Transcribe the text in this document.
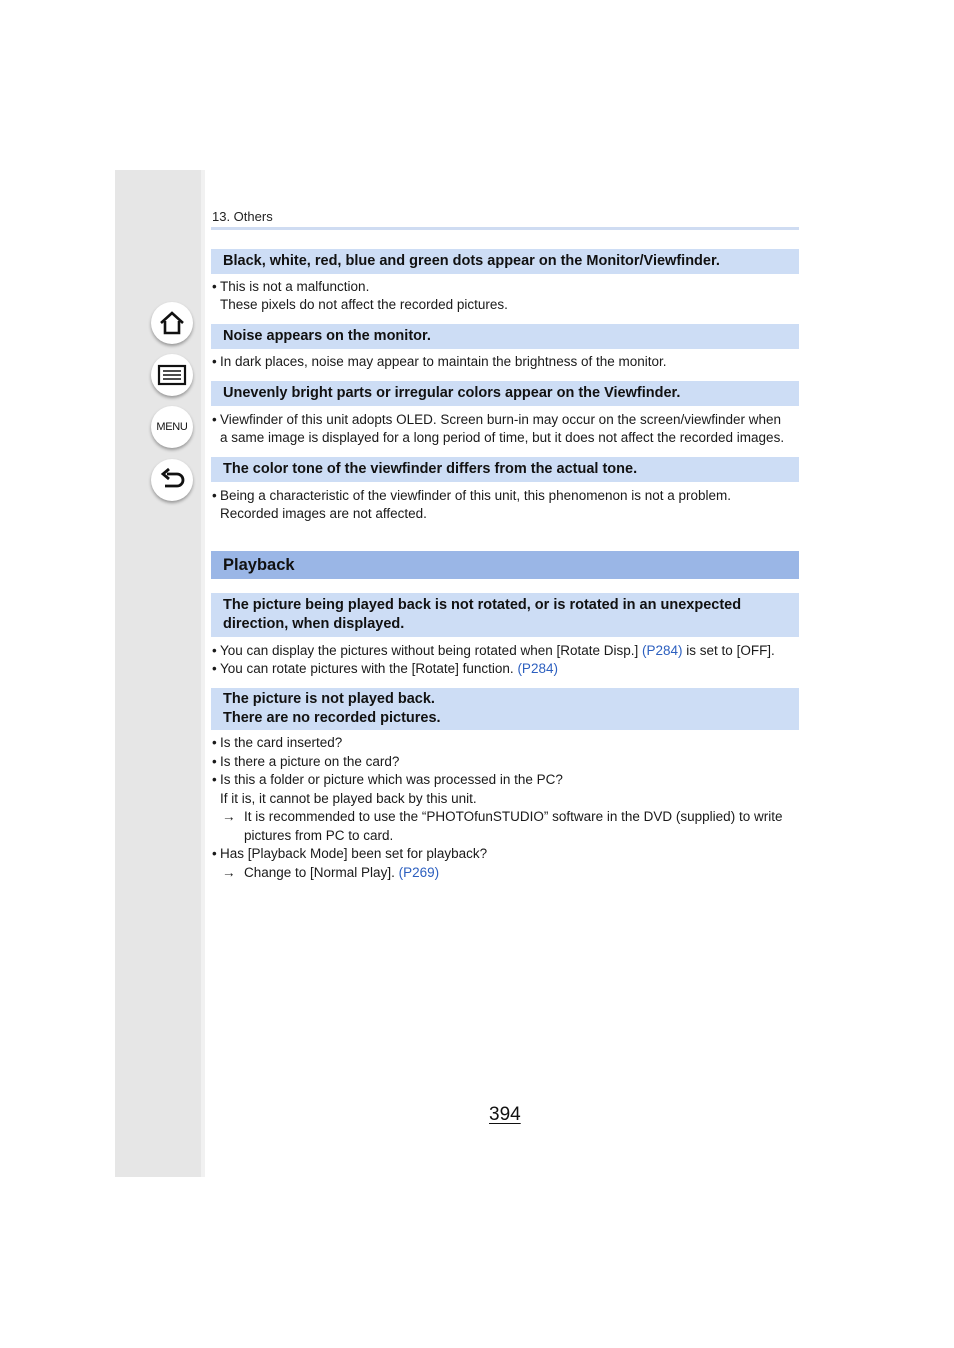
MENU
13. Others
Black, white, red, blue and green dots appear on the Monitor/Viewfinder.
• This is not a malfunction.
These pixels do not affect the recorded pictures.
Noise appears on the monitor.
• In dark places, noise may appear to maintain the brightness of the monitor.
Unevenly bright parts or irregular colors appear on the Viewfinder.
• Viewfinder of this unit adopts OLED. Screen burn-in may occur on the screen/viewfinder when
a same image is displayed for a long period of time, but it does not affect the recorded images.
The color tone of the viewfinder differs from the actual tone.
• Being a characteristic of the viewfinder of this unit, this phenomenon is not a problem.
Recorded images are not affected.
Playback
The picture being played back is not rotated, or is rotated in an unexpected
direction, when displayed.
• You can display the pictures without being rotated when [Rotate Disp.] (P284) is set to [OFF].
• You can rotate pictures with the [Rotate] function. (P284)
The picture is not played back.
There are no recorded pictures.
• Is the card inserted?
• Is there a picture on the card?
• Is this a folder or picture which was processed in the PC?
If it is, it cannot be played back by this unit.
→ It is recommended to use the “PHOTOfunSTUDIO” software in the DVD (supplied) to write
pictures from PC to card.
• Has [Playback Mode] been set for playback?
→ Change to [Normal Play]. (P269)
394
